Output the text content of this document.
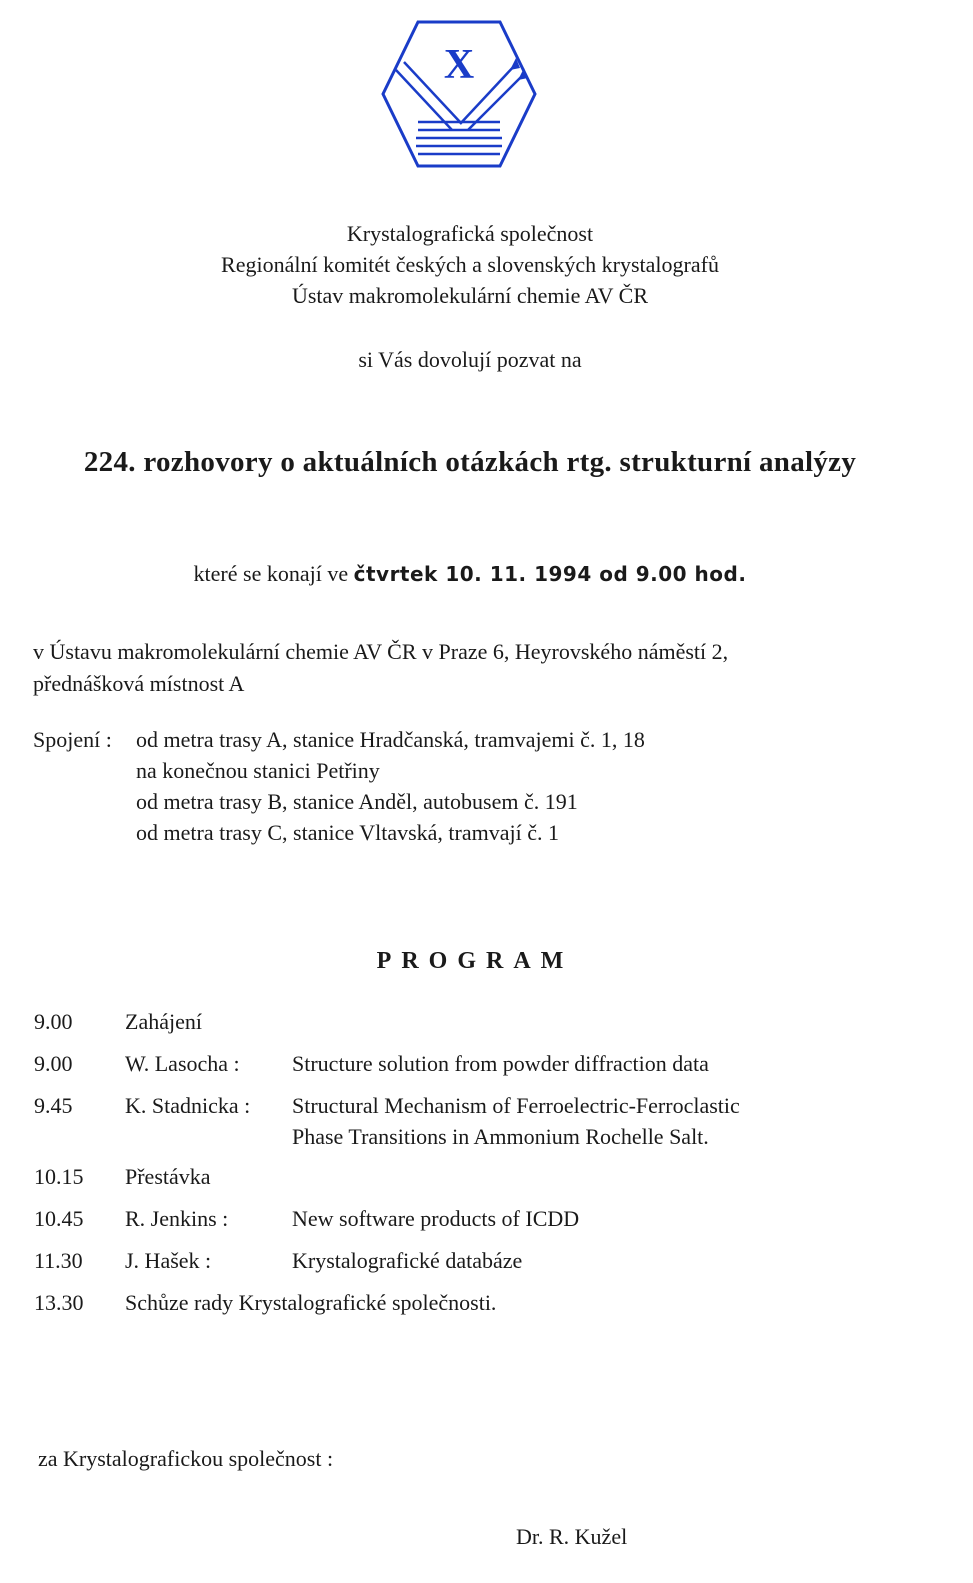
X
Krystalografická společnost
Regionální komitét českých a slovenských krystalografů
Ústav makromolekulární chemie AV ČR
si Vás dovolují pozvat na
224. rozhovory o aktuálních otázkách rtg. strukturní analýzy
které se konají ve čtvrtek 10. 11. 1994 od 9.00 hod.
v Ústavu makromolekulární chemie AV ČR v Praze 6, Heyrovského náměstí 2,
přednášková místnost A
Spojení : od metra trasy A, stanice Hradčanská, tramvajemi č. 1, 18
na konečnou stanici Petřiny
od metra trasy B, stanice Anděl, autobusem č. 191
od metra trasy C, stanice Vltavská, tramvají č. 1
PROGRAM
9.00 Zahájení
9.00 W. Lasocha : Structure solution from powder diffraction data
9.45 K. Stadnicka : Structural Mechanism of Ferroelectric-Ferroclastic
Phase Transitions in Ammonium Rochelle Salt.
10.15 Přestávka
10.45 R. Jenkins :	New software products of ICDD
11.30 J. Hašek :	Krystalografické databáze
13.30 Schůze rady Krystalografické společnosti.
za Krystalografickou společnost :
Dr. R. Kužel
